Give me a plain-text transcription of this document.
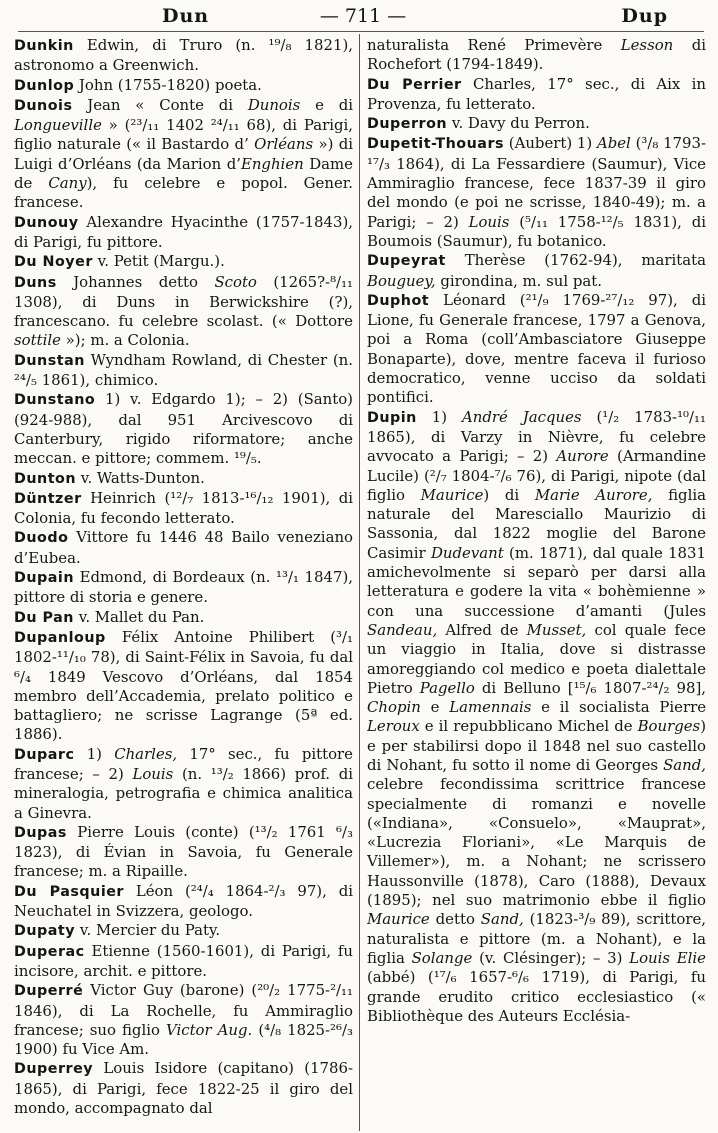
Dun	— 711 —	Dup

Dunkin Edwin, di Truro (n. ¹⁹/₈ 1821), astronomo a Greenwich.

Dunlop John (1755-1820) poeta.

Dunois Jean « Conte di Dunois e di Longueville » (²³/₁₁ 1402 ²⁴/₁₁ 68), di Parigi, figlio naturale (« il Bastardo d’ Orléans ») di Luigi d’Orléans (da Marion d’Enghien Dame de Cany), fu celebre e popol. Gener. francese.

Dunouy Alexandre Hyacinthe (1757-1843), di Parigi, fu pittore.

Du Noyer v. Petit (Margu.).

Duns Johannes detto Scoto (1265?-⁸/₁₁ 1308), di Duns in Berwickshire (?), francescano. fu celebre scolast. (« Dottore sottile »); m. a Colonia.

Dunstan Wyndham Rowland, di Chester (n. ²⁴/₅ 1861), chimico.

Dunstano 1) v. Edgardo 1); – 2) (Santo) (924-988), dal 951 Arcivescovo di Canterbury, rigido riformatore; anche meccan. e pittore; commem. ¹⁹/₅.

Dunton v. Watts-Dunton.

Düntzer Heinrich (¹²/₇ 1813-¹⁶/₁₂ 1901), di Colonia, fu fecondo letterato.

Duodo Vittore fu 1446 48 Bailo veneziano d’Eubea.

Dupain Edmond, di Bordeaux (n. ¹³/₁ 1847), pittore di storia e genere.

Du Pan v. Mallet du Pan.

Dupanloup Félix Antoine Philibert (³/₁ 1802-¹¹/₁₀ 78), di Saint-Félix in Savoia, fu dal ⁶/₄ 1849 Vescovo d’Orléans, dal 1854 membro dell’Accademia, prelato politico e battagliero; ne scrisse Lagrange (5ª ed. 1886).

Duparc 1) Charles, 17° sec., fu pittore francese; – 2) Louis (n. ¹³/₂ 1866) prof. di mineralogia, petrografia e chimica analitica a Ginevra.

Dupas Pierre Louis (conte) (¹³/₂ 1761 ⁶/₃ 1823), di Évian in Savoia, fu Generale francese; m. a Ripaille.

Du Pasquier Léon (²⁴/₄ 1864-²/₃ 97), di Neuchatel in Svizzera, geologo.

Dupaty v. Mercier du Paty.

Duperac Etienne (1560-1601), di Parigi, fu incisore, archit. e pittore.

Duperré Victor Guy (barone) (²⁰/₂ 1775-²/₁₁ 1846), di La Rochelle, fu Ammiraglio francese; suo figlio Victor Aug. (⁴/₈ 1825-²⁶/₃ 1900) fu Vice Am.

Duperrey Louis Isidore (capitano) (1786-1865), di Parigi, fece 1822-25 il giro del mondo, accompagnato dal

naturalista René Primevère Lesson di Rochefort (1794-1849).

Du Perrier Charles, 17° sec., di Aix in Provenza, fu letterato.

Duperron v. Davy du Perron.

Dupetit-Thouars (Aubert) 1) Abel (³/₈ 1793-¹⁷/₃ 1864), di La Fessardiere (Saumur), Vice Ammiraglio francese, fece 1837-39 il giro del mondo (e poi ne scrisse, 1840-49); m. a Parigi; – 2) Louis (⁵/₁₁ 1758-¹²/₅ 1831), di Boumois (Saumur), fu botanico.

Dupeyrat Therèse (1762-94), maritata Bouguey, girondina, m. sul pat.

Duphot Léonard (²¹/₉ 1769-²⁷/₁₂ 97), di Lione, fu Generale francese, 1797 a Genova, poi a Roma (coll’Ambasciatore Giuseppe Bonaparte), dove, mentre faceva il furioso democratico, venne ucciso da soldati pontifici.

Dupin 1) André Jacques (¹/₂ 1783-¹⁰/₁₁ 1865), di Varzy in Nièvre, fu celebre avvocato a Parigi; – 2) Aurore (Armandine Lucile) (²/₇ 1804-⁷/₆ 76), di Parigi, nipote (dal figlio Maurice) di Marie Aurore, figlia naturale del Maresciallo Maurizio di Sassonia, dal 1822 moglie del Barone Casimir Dudevant (m. 1871), dal quale 1831 amichevolmente si separò per darsi alla letteratura e godere la vita « bohèmienne » con una successione d’amanti (Jules Sandeau, Alfred de Musset, col quale fece un viaggio in Italia, dove si distrasse amoreggiando col medico e poeta dialettale Pietro Pagello di Belluno [¹⁵/₆ 1807-²⁴/₂ 98], Chopin e Lamennais e il socialista Pierre Leroux e il repubblicano Michel de Bourges) e per stabilirsi dopo il 1848 nel suo castello di Nohant, fu sotto il nome di Georges Sand, celebre fecondissima scrittrice francese specialmente di romanzi e novelle («Indiana», «Consuelo», «Mauprat», «Lucrezia Floriani», «Le Marquis de Villemer»), m. a Nohant; ne scrissero Haussonville (1878), Caro (1888), Devaux (1895); nel suo matrimonio ebbe il figlio Maurice detto Sand, (1823-³/₉ 89), scrittore, naturalista e pittore (m. a Nohant), e la figlia Solange (v. Clésinger); – 3) Louis Elie (abbé) (¹⁷/₆ 1657-⁶/₆ 1719), di Parigi, fu grande erudito critico ecclesiastico (« Bibliothèque des Auteurs Ecclésia-
